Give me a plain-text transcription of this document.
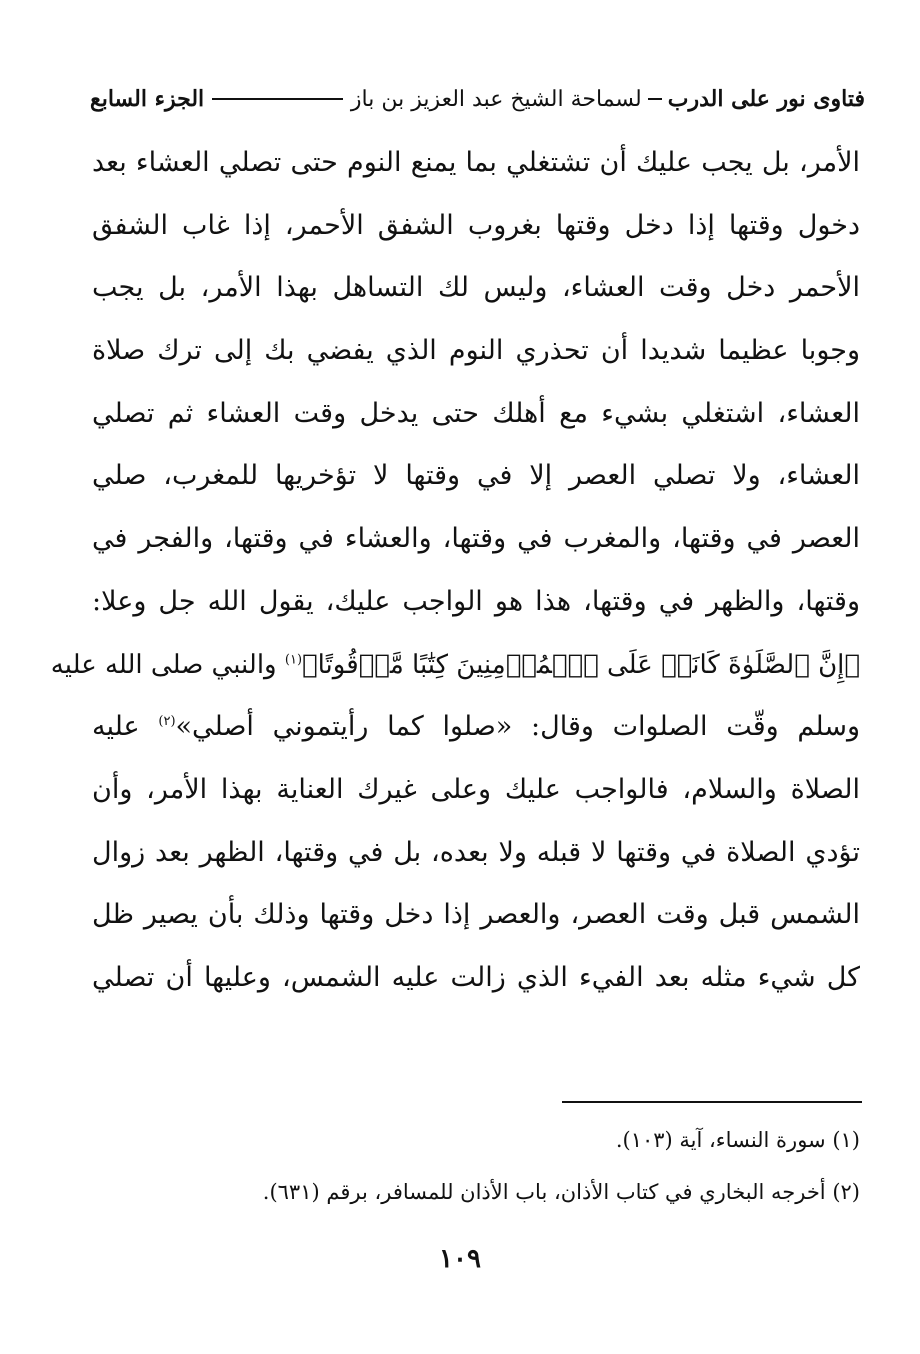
فتاوى نور على الدرب
لسماحة الشيخ عبد العزيز بن باز
الجزء السابع
الأمر، بل يجب عليك أن تشتغلي بما يمنع النوم حتى تصلي العشاء بعد
دخول وقتها إذا دخل وقتها بغروب الشفق الأحمر، إذا غاب الشفق
الأحمر دخل وقت العشاء، وليس لك التساهل بهذا الأمر، بل يجب
وجوبا عظيما شديدا أن تحذري النوم الذي يفضي بك إلى ترك صلاة
العشاء، اشتغلي بشيء مع أهلك حتى يدخل وقت العشاء ثم تصلي
العشاء، ولا تصلي العصر إلا في وقتها لا تؤخريها للمغرب، صلي
العصر في وقتها، والمغرب في وقتها، والعشاء في وقتها، والفجر في
وقتها، والظهر في وقتها، هذا هو الواجب عليك، يقول الله جل وعلا:
﴿إِنَّ ٱلصَّلَوٰةَ كَانَتۡ عَلَى ٱلۡمُؤۡمِنِينَ كِتَٰبًا مَّوۡقُوتًا﴾$^{(١)}$ والنبي صلى الله عليه
وسلم وقّت الصلوات وقال: «صلوا كما رأيتموني أصلي»$^{(٢)}$ عليه
الصلاة والسلام، فالواجب عليك وعلى غيرك العناية بهذا الأمر، وأن
تؤدي الصلاة في وقتها لا قبله ولا بعده، بل في وقتها، الظهر بعد زوال
الشمس قبل وقت العصر، والعصر إذا دخل وقتها وذلك بأن يصير ظل
كل شيء مثله بعد الفيء الذي زالت عليه الشمس، وعليها أن تصلي
(١) سورة النساء، آية (١٠٣).
(٢) أخرجه البخاري في كتاب الأذان، باب الأذان للمسافر، برقم (٦٣١).
١٠٩
